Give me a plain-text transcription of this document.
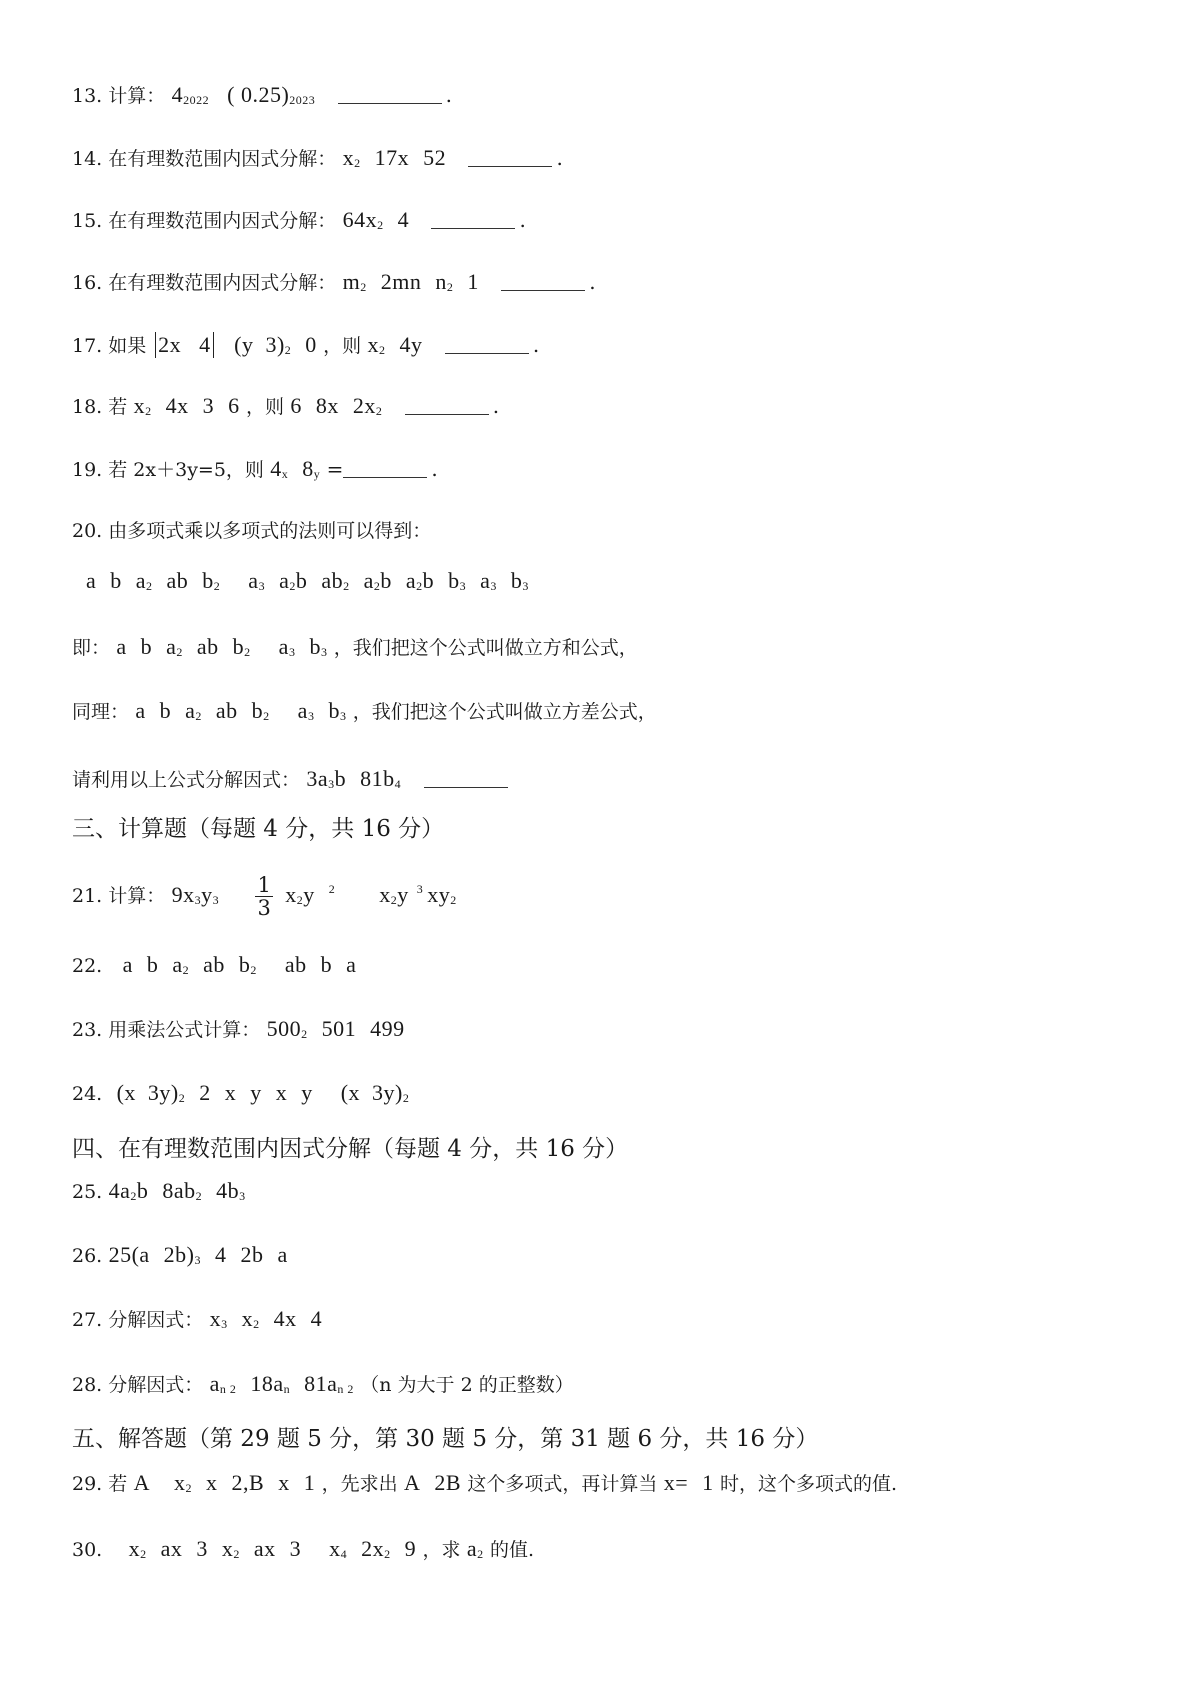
13. 计算： $4_{2022}$ ( $0.25)_{2023}$	.
14. 在有理数范围内因式分解： $x_2$ 17x 52	.
15. 在有理数范围内因式分解： $64x_2$ 4	.
16. 在有理数范围内因式分解： $m_2$ 2mn $n_2$ 1	.
17. 如果 2x   4 (y  $3)_2$ 0 ，则 $x_2$ 4y	.
18. 若 $x_2$ 4x 3 6 ，则 6 8x $2x_2$	.
19. 若 2x＋3y=5，则 $4_x$ $8_y$ =	.
20. 由多项式乘以多项式的法则可以得到：
a b $a_2$ ab $b_2$ $a_3$ $a_2b$ $ab_2$ $a_2b$ $a_2b$ $b_3$ $a_3$ $b_3$
即： a b $a_2$ ab $b_2$ $a_3$ $b_3$ ，我们把这个公式叫做立方和公式，
同理： a b $a_2$ ab $b_2$ $a_3$ $b_3$ ，我们把这个公式叫做立方差公式，
请利用以上公式分解因式： $3a_3b$ $81b_4$
三、计算题（每题 4 分，共 16 分）
21. 计算： $9x_3y_3 \frac{1}{3} x_2y$ $^2$ $x_2y$ $^3$ $xy_2$
22. a b $a_2$ ab $b_2$ ab b a
23. 用乘法公式计算： $500_2$ 501 499
24. (x  $3y)_2$ 2 x y x y (x  $3y)_2$
四、在有理数范围内因式分解（每题 4 分，共 16 分）
25. $4a_2b$ $8ab_2$ $4b_3$
26. 25(a $2b)_3$ 4 2b a
27. 分解因式： $x_3$ $x_2$ 4x 4
28. 分解因式： $a_{n 2}$ $18a_n$ $81a_{n 2}$ （n 为大于 2 的正整数）
五、解答题（第 29 题 5 分，第 30 题 5 分，第 31 题 6 分，共 16 分）
29. 若 A $x_2$ x 2,B x 1 ，先求出 A 2B 这个多项式，再计算当 x= 1 时，这个多项式的值.
30. $x_2$ ax 3 $x_2$ ax 3 $x_4$ $2x_2$ 9 ，求 $a_2$ 的值.
